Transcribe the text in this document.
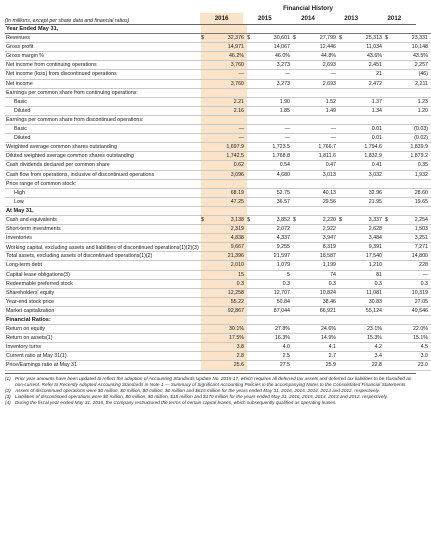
Financial History
(In millions, except per share data and financial ratios)	2016	2015	2014	2013	2012
Year Ended May 31,										
Revenues	$	32,376	$	30,601	$	27,799	$	25,313	$	23,331
Gross profit		14,971		14,067		12,446		11,034		10,148
Gross margin %		46.2%		46.0%		44.8%		43.6%		43.5%
Net income from continuing operations		3,760		3,273		2,693		2,451		2,257
Net income (loss) from discontinued operations		—		—		—		21		(46)
Net income		3,760		3,273		2,693		2,472		2,211
Earnings per common share from continuing operations:										
Basic		2.21		1.90		1.52		1.37		1.23
Diluted		2.16		1.85		1.49		1.34		1.20
Earnings per common share from discontinued operations:										
Basic		—		—		—		0.01		(0.03)
Diluted		—		—		—		0.01		(0.02)
Weighted average common shares outstanding		1,697.9		1,723.5		1,766.7		1,794.6		1,839.9
Diluted weighted average common shares outstanding		1,742.5		1,768.8		1,811.6		1,832.9		1,879.2
Cash dividends declared per common share		0.62		0.54		0.47		0.41		0.35
Cash flow from operations, inclusive of discontinued operations		3,096		4,680		3,013		3,032		1,932
Price range of common stock:										
High		68.19		52.75		40.13		32.96		28.60
Low		47.25		36.57		29.56		21.95		19.65
At May 31,										
Cash and equivalents	$	3,138	$	3,852	$	2,220	$	3,337	$	2,254
Short-term investments		2,319		2,072		2,922		2,628		1,503
Inventories		4,838		4,337		3,947		3,484		3,251
Working capital, excluding assets and liabilities of discontinued operations(1)(2)(3)		9,667		9,255		8,319		9,391		7,271
Total assets, excluding assets of discontinued operations(1)(2)		21,396		21,597		18,587		17,540		14,800
Long-term debt		2,010		1,079		1,199		1,210		228
Capital lease obligations(3)		15		5		74		81		—
Redeemable preferred stock		0.3		0.3		0.3		0.3		0.3
Shareholders' equity		12,258		12,707		10,824		11,081		10,319
Year-end stock price		55.22		50.84		38.46		30.83		27.05
Market capitalization		92,867		87,044		66,921		55,124		49,546
Financial Ratios:										
Return on equity		30.1%		27.8%		24.6%		23.1%		22.0%
Return on assets(1)		17.5%		16.3%		14.9%		15.3%		15.1%
Inventory turns		3.8		4.0		4.1		4.2		4.5
Current ratio at May 31(1)		2.8		2.5		2.7		3.4		3.0
Price/Earnings ratio at May 31		25.6		27.5		25.9		22.8		23.0
(1) Prior year amounts have been updated to reflect the adoption of Accounting Standards Update No. 2015-17, which requires all deferred tax assets and deferred tax liabilities to be classified as non-current. Refer to Recently Adopted Accounting Standards in Note 1 — Summary of Significant Accounting Policies in the accompanying Notes to the Consolidated Financial Statements.
(2) Assets of discontinued operations were $0 million, $0 million, $0 million, $0 million and $615 million for the years ended May 31, 2016, 2015, 2014, 2013 and 2012, respectively.
(3) Liabilities of discontinued operations were $0 million, $0 million, $0 million, $18 million and $170 million for the years ended May 31, 2016, 2015, 2014, 2013 and 2012, respectively.
(4) During the fiscal year ended May 31, 2015, the Company restructured the terms of certain capital leases, which subsequently qualified as operating leases.
